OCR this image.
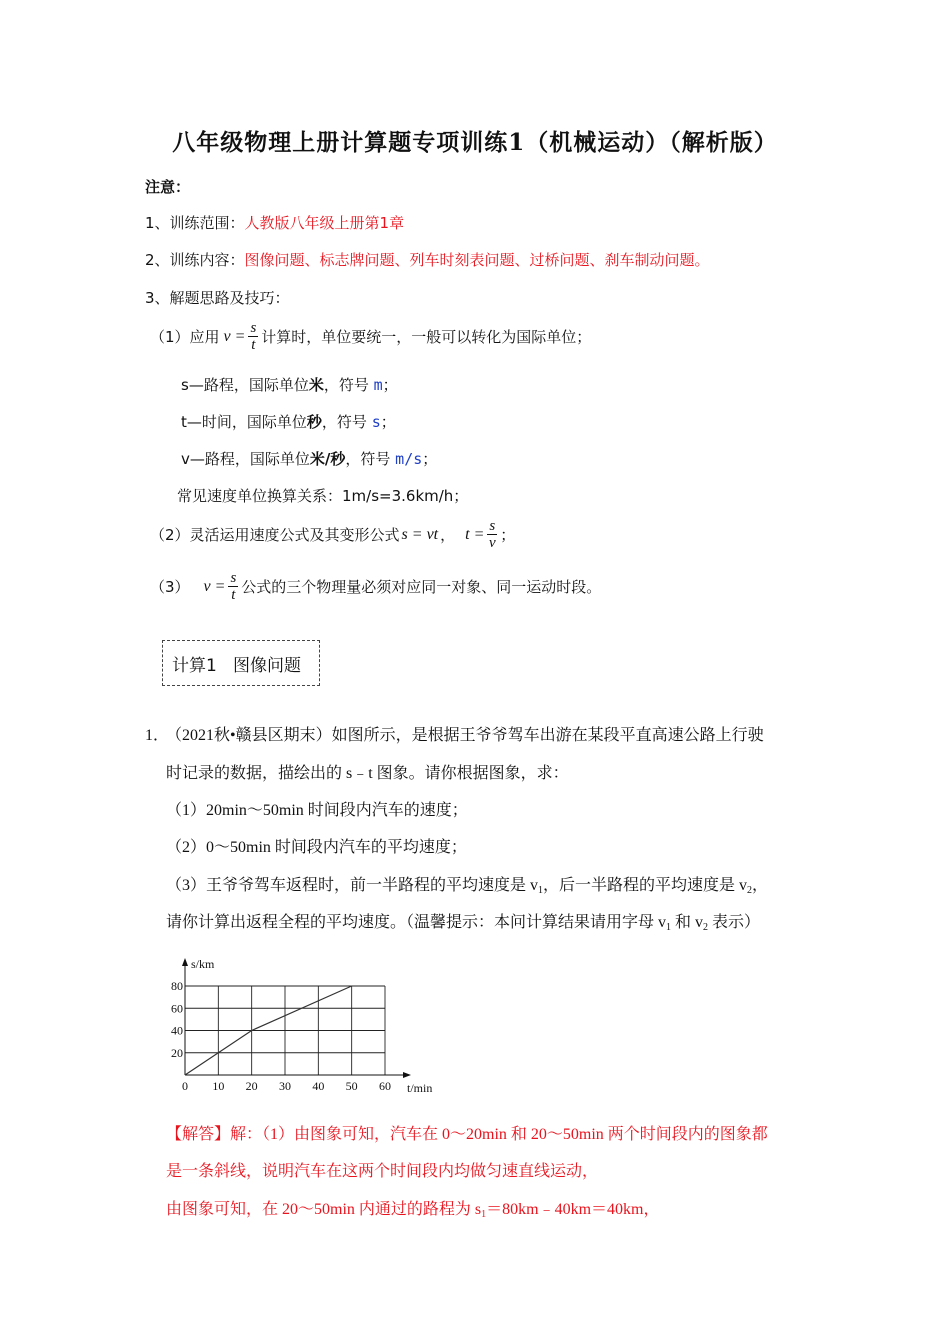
八年级物理上册计算题专项训练1（机械运动）（解析版）
注意：
1、训练范围：人教版八年级上册第1章
2、训练内容：图像问题、标志牌问题、列车时刻表问题、过桥问题、刹车制动问题。
3、解题思路及技巧：
（1）应用 $v = \frac{s}{t}$ 计算时，单位要统一，一般可以转化为国际单位；
s—路程，国际单位米，符号 m；
t—时间，国际单位秒，符号 s；
v—路程，国际单位米/秒，符号 m/s；
常见速度单位换算关系：1m/s=3.6km/h；
（2）灵活运用速度公式及其变形公式 s = vt ， $t = \frac{s}{v}$ ；
（3） $v = \frac{s}{t}$ 公式的三个物理量必须对应同一对象、同一运动时段。
计算1   图像问题
1．
（2021秋•赣县区期末）如图所示，是根据王爷爷驾车出游在某段平直高速公路上行驶
时记录的数据，描绘出的 s﹣t 图象。请你根据图象，求：
（1）20min～50min 时间段内汽车的速度；
（2）0～50min 时间段内汽车的平均速度；
（3）王爷爷驾车返程时，前一半路程的平均速度是 $v_1$，后一半路程的平均速度是 $v_2$，
请你计算出返程全程的平均速度。（温馨提示：本问计算结果请用字母 $v_1$ 和 $v_2$ 表示）
0 10 20 30 40 50 60
20
40
60
80
s/km
t/min
【解答】解：（1）由图象可知，汽车在 0～20min 和 20～50min 两个时间段内的图象都
是一条斜线，说明汽车在这两个时间段内均做匀速直线运动，
由图象可知，在 20～50min 内通过的路程为 $s_1=80km﹣40km=40km$，
